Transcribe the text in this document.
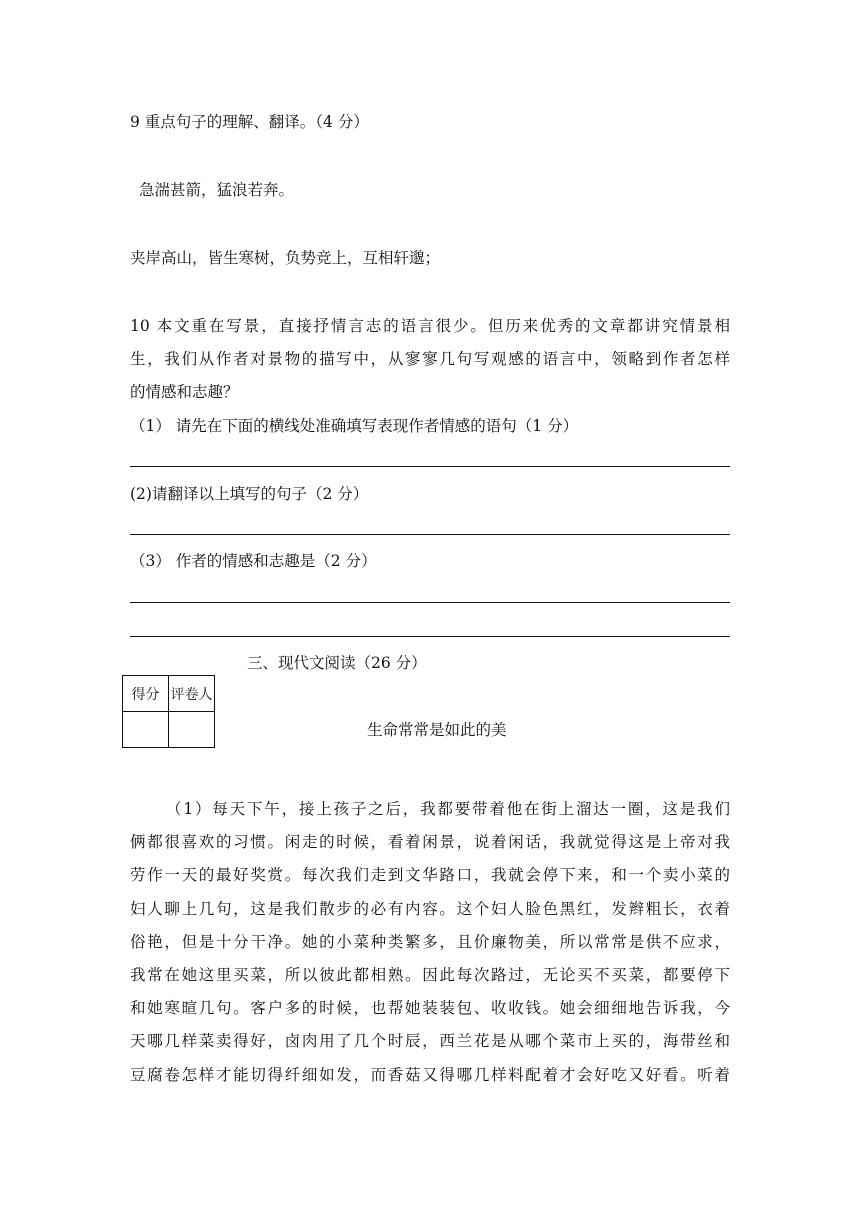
9 重点句子的理解、翻译。（4 分）
急湍甚箭，猛浪若奔。
夹岸高山，皆生寒树，负势竞上，互相轩邈；
10 本文重在写景，直接抒情言志的语言很少。但历来优秀的文章都讲究情景相
生，我们从作者对景物的描写中，从寥寥几句写观感的语言中，领略到作者怎样
的情感和志趣？
（1） 请先在下面的横线处准确填写表现作者情感的语句（1 分）
(2)请翻译以上填写的句子（2 分）
（3） 作者的情感和志趣是（2 分）
三、现代文阅读（26 分）
得分	评卷人

生命常常是如此的美
（1）每天下午，接上孩子之后，我都要带着他在街上溜达一圈，这是我们
俩都很喜欢的习惯。闲走的时候，看着闲景，说着闲话，我就觉得这是上帝对我
劳作一天的最好奖赏。每次我们走到文华路口，我就会停下来，和一个卖小菜的
妇人聊上几句，这是我们散步的必有内容。这个妇人脸色黑红，发辫粗长，衣着
俗艳，但是十分干净。她的小菜种类繁多，且价廉物美，所以常常是供不应求，
我常在她这里买菜，所以彼此都相熟。因此每次路过，无论买不买菜，都要停下
和她寒暄几句。客户多的时候，也帮她装装包、收收钱。她会细细地告诉我，今
天哪几样菜卖得好，卤肉用了几个时辰，西兰花是从哪个菜市上买的，海带丝和
豆腐卷怎样才能切得纤细如发，而香菇又得哪几样料配着才会好吃又好看。听着
